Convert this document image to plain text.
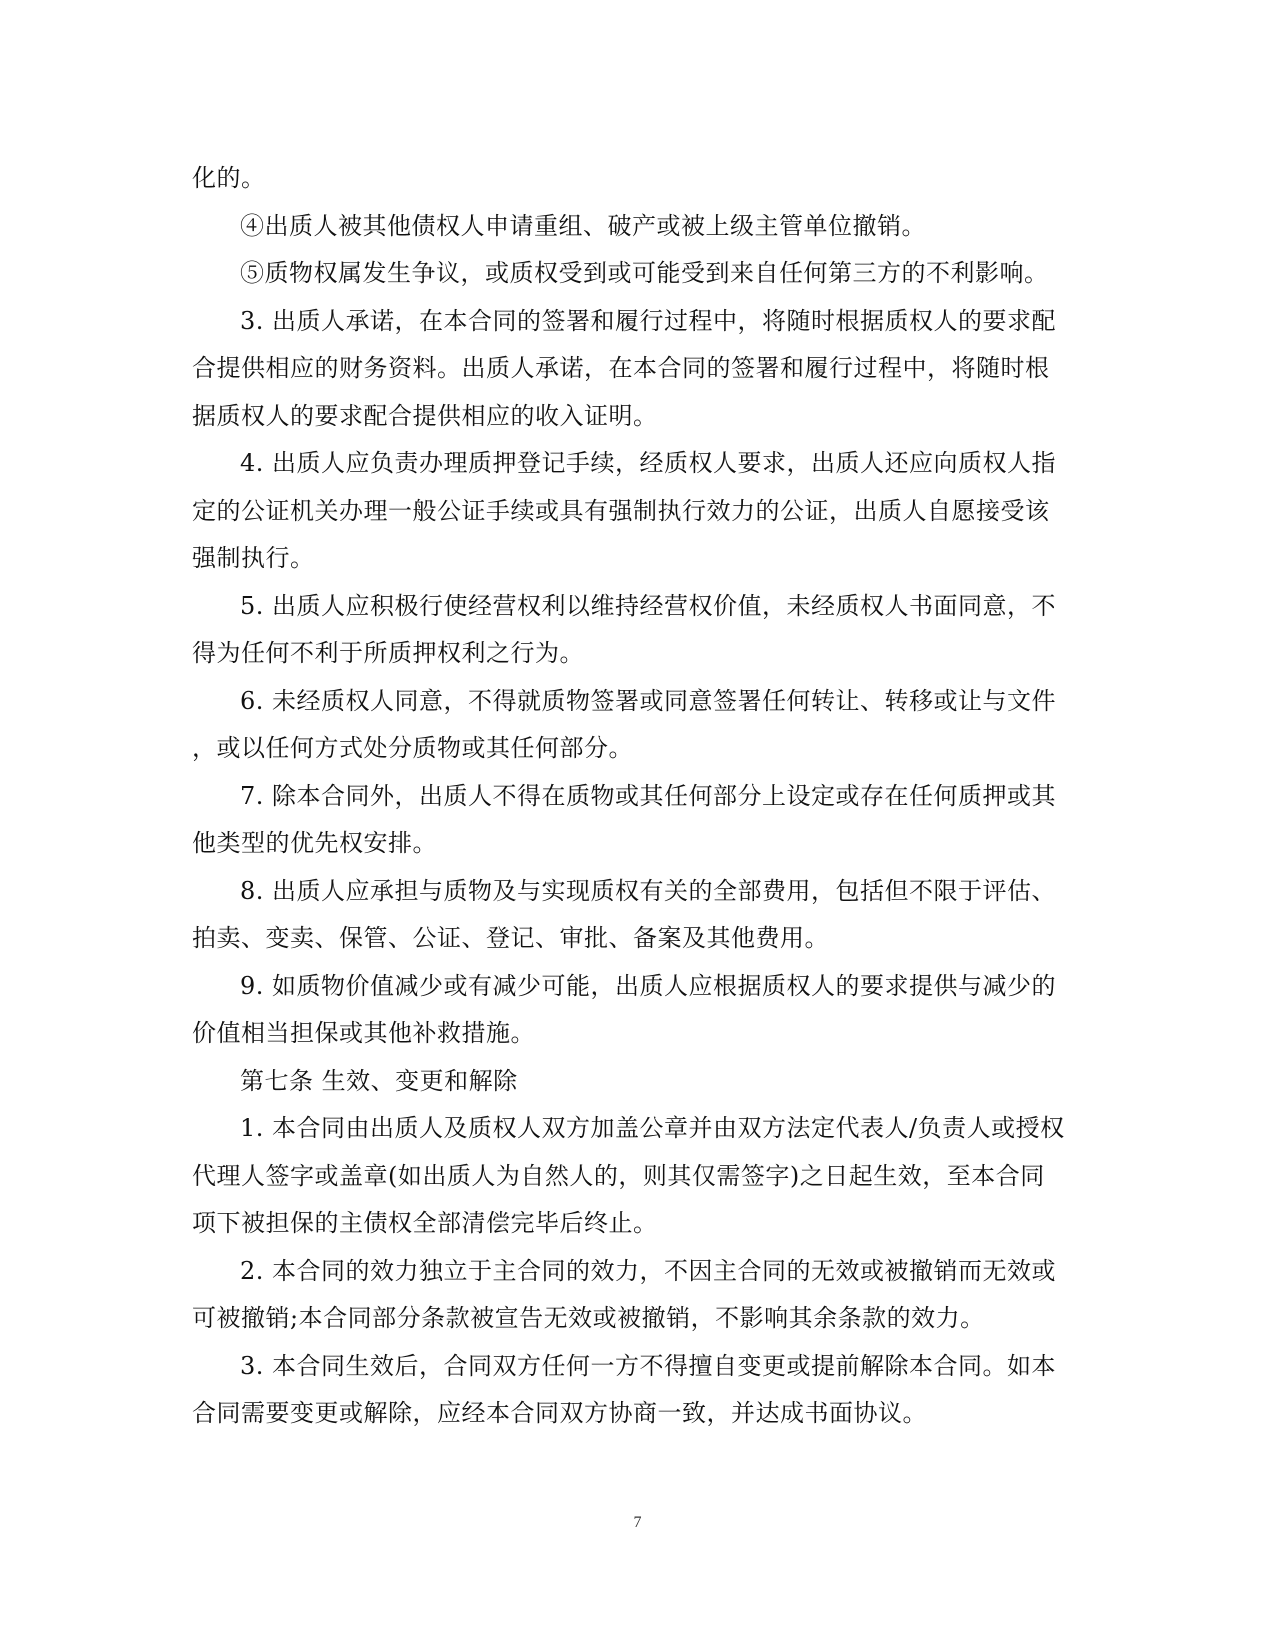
化的。
④出质人被其他债权人申请重组、破产或被上级主管单位撤销。
⑤质物权属发生争议，或质权受到或可能受到来自任何第三方的不利影响。
3. 出质人承诺，在本合同的签署和履行过程中，将随时根据质权人的要求配
合提供相应的财务资料。出质人承诺，在本合同的签署和履行过程中，将随时根
据质权人的要求配合提供相应的收入证明。
4. 出质人应负责办理质押登记手续，经质权人要求，出质人还应向质权人指
定的公证机关办理一般公证手续或具有强制执行效力的公证，出质人自愿接受该
强制执行。
5. 出质人应积极行使经营权利以维持经营权价值，未经质权人书面同意，不
得为任何不利于所质押权利之行为。
6. 未经质权人同意，不得就质物签署或同意签署任何转让、转移或让与文件
，或以任何方式处分质物或其任何部分。
7. 除本合同外，出质人不得在质物或其任何部分上设定或存在任何质押或其
他类型的优先权安排。
8. 出质人应承担与质物及与实现质权有关的全部费用，包括但不限于评估、
拍卖、变卖、保管、公证、登记、审批、备案及其他费用。
9. 如质物价值减少或有减少可能，出质人应根据质权人的要求提供与减少的
价值相当担保或其他补救措施。
第七条 生效、变更和解除
1. 本合同由出质人及质权人双方加盖公章并由双方法定代表人/负责人或授权
代理人签字或盖章(如出质人为自然人的，则其仅需签字)之日起生效，至本合同
项下被担保的主债权全部清偿完毕后终止。
2. 本合同的效力独立于主合同的效力，不因主合同的无效或被撤销而无效或
可被撤销;本合同部分条款被宣告无效或被撤销，不影响其余条款的效力。
3. 本合同生效后，合同双方任何一方不得擅自变更或提前解除本合同。如本
合同需要变更或解除，应经本合同双方协商一致，并达成书面协议。
7
